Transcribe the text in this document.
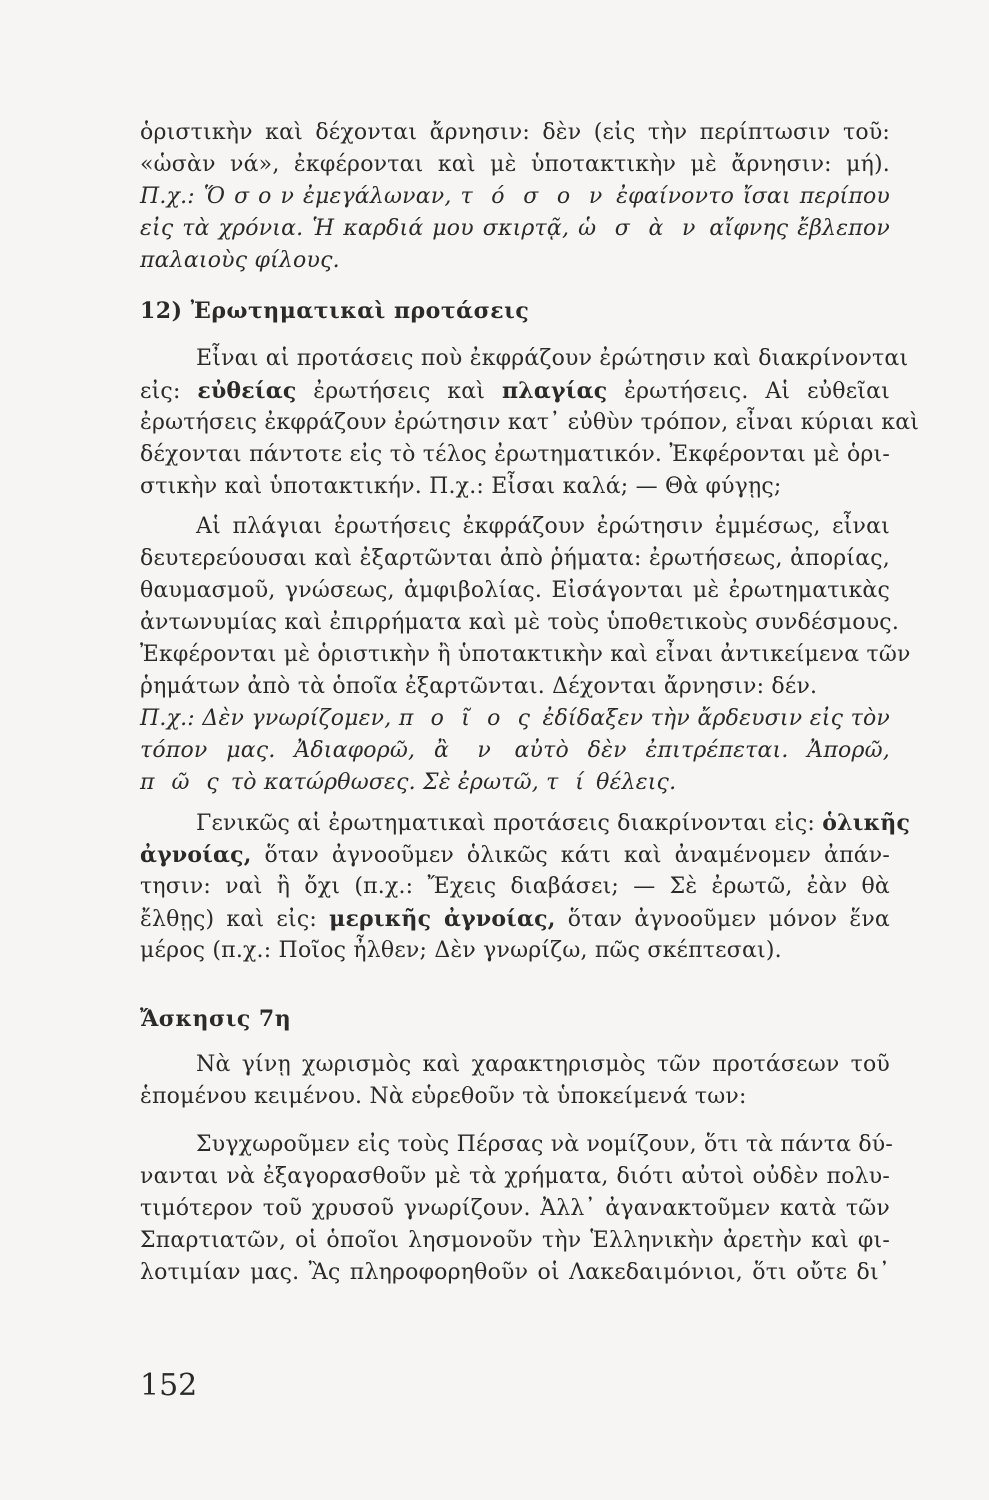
ὁριστικὴν καὶ δέχονται ἄρνησιν: δὲν (εἰς τὴν περίπτωσιν τοῦ:
«ὡσὰν νά», ἐκφέρονται καὶ μὲ ὑποτακτικὴν μὲ ἄρνησιν: μή).
Π.χ.: Ὅ σ ο ν ἐμεγάλωναν, τ ό σ ο ν ἐφαίνοντο ἴσαι περίπου
εἰς τὰ χρόνια. Ἡ καρδιά μου σκιρτᾷ, ὡ σ ὰ ν αἴφνης ἔβλεπον
παλαιοὺς φίλους.
12) Ἐρωτηματικαὶ προτάσεις
Εἶναι αἱ προτάσεις ποὺ ἐκφράζουν ἐρώτησιν καὶ διακρίνονται
εἰς: εὐθείας ἐρωτήσεις καὶ πλαγίας ἐρωτήσεις. Αἱ εὐθεῖαι
ἐρωτήσεις ἐκφράζουν ἐρώτησιν κατ᾽ εὐθὺν τρόπον, εἶναι κύριαι καὶ
δέχονται πάντοτε εἰς τὸ τέλος ἐρωτηματικόν. Ἐκφέρονται μὲ ὁρι-
στικὴν καὶ ὑποτακτικήν. Π.χ.: Εἶσαι καλά; — Θὰ φύγῃς;
Αἱ πλάγιαι ἐρωτήσεις ἐκφράζουν ἐρώτησιν ἐμμέσως, εἶναι
δευτερεύουσαι καὶ ἐξαρτῶνται ἀπὸ ῥήματα: ἐρωτήσεως, ἀπορίας,
θαυμασμοῦ, γνώσεως, ἀμφιβολίας. Εἰσάγονται μὲ ἐρωτηματικὰς
ἀντωνυμίας καὶ ἐπιρρήματα καὶ μὲ τοὺς ὑποθετικοὺς συνδέσμους.
Ἐκφέρονται μὲ ὁριστικὴν ἢ ὑποτακτικὴν καὶ εἶναι ἀντικείμενα τῶν
ῥημάτων ἀπὸ τὰ ὁποῖα ἐξαρτῶνται. Δέχονται ἄρνησιν: δέν.
Π.χ.: Δὲν γνωρίζομεν, π ο ῖ ο ς ἐδίδαξεν τὴν ἄρδευσιν εἰς τὸν
τόπον μας. Ἀδιαφορῶ, ἂ ν αὐτὸ δὲν ἐπιτρέπεται. Ἀπορῶ,
π ῶ ς τὸ κατώρθωσες. Σὲ ἐρωτῶ, τ ί θέλεις.
Γενικῶς αἱ ἐρωτηματικαὶ προτάσεις διακρίνονται εἰς: ὁλικῆς
ἀγνοίας, ὅταν ἀγνοοῦμεν ὁλικῶς κάτι καὶ ἀναμένομεν ἀπάν-
τησιν: ναὶ ἢ ὄχι (π.χ.: Ἔχεις διαβάσει; — Σὲ ἐρωτῶ, ἐὰν θὰ
ἔλθῃς) καὶ εἰς: μερικῆς ἀγνοίας, ὅταν ἀγνοοῦμεν μόνον ἕνα
μέρος (π.χ.: Ποῖος ἦλθεν; Δὲν γνωρίζω, πῶς σκέπτεσαι).
Ἄσκησις 7η
Νὰ γίνῃ χωρισμὸς καὶ χαρακτηρισμὸς τῶν προτάσεων τοῦ
ἑπομένου κειμένου. Νὰ εὑρεθοῦν τὰ ὑποκείμενά των:
Συγχωροῦμεν εἰς τοὺς Πέρσας νὰ νομίζουν, ὅτι τὰ πάντα δύ-
νανται νὰ ἐξαγορασθοῦν μὲ τὰ χρήματα, διότι αὐτοὶ οὐδὲν πολυ-
τιμότερον τοῦ χρυσοῦ γνωρίζουν. Ἀλλ᾽ ἀγανακτοῦμεν κατὰ τῶν
Σπαρτιατῶν, οἱ ὁποῖοι λησμονοῦν τὴν Ἑλληνικὴν ἀρετὴν καὶ φι-
λοτιμίαν μας. Ἂς πληροφορηθοῦν οἱ Λακεδαιμόνιοι, ὅτι οὔτε δι᾽
152
